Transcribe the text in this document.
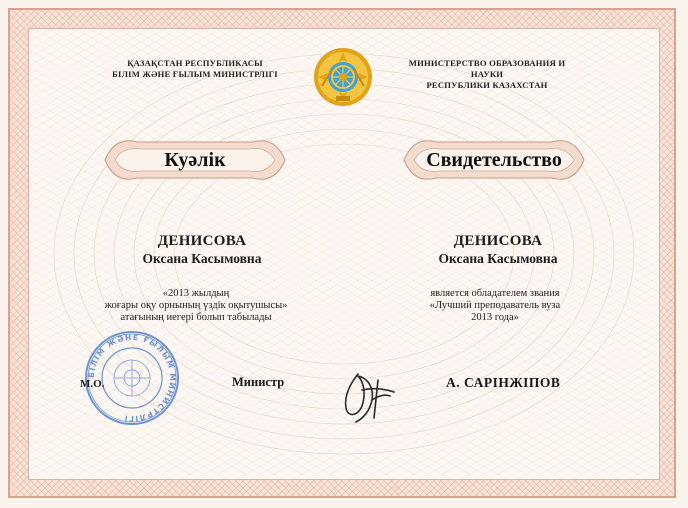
ҚАЗАҚСТАН РЕСПУБЛИКАСЫ
БІЛІМ ЖӘНЕ ҒЫЛЫМ МИНИСТРЛІГІ
МИНИСТЕРСТВО ОБРАЗОВАНИЯ И НАУКИ
РЕСПУБЛИКИ КАЗАХСТАН
Куәлік	Свидетельство
ДЕНИСОВА
Оксана Касымовна
ДЕНИСОВА
Оксана Касымовна
«2013 жылдың
жоғары оқу орнының үздік оқытушысы»
атағының иегері болып табылады
является обладателем звания
«Лучший преподаватель вуза
2013 года»
БІЛІМ ЖӘНЕ ҒЫЛЫМ МИНИСТРЛІГІ
М.О.	Министр	А. САРІНЖІПОВ
